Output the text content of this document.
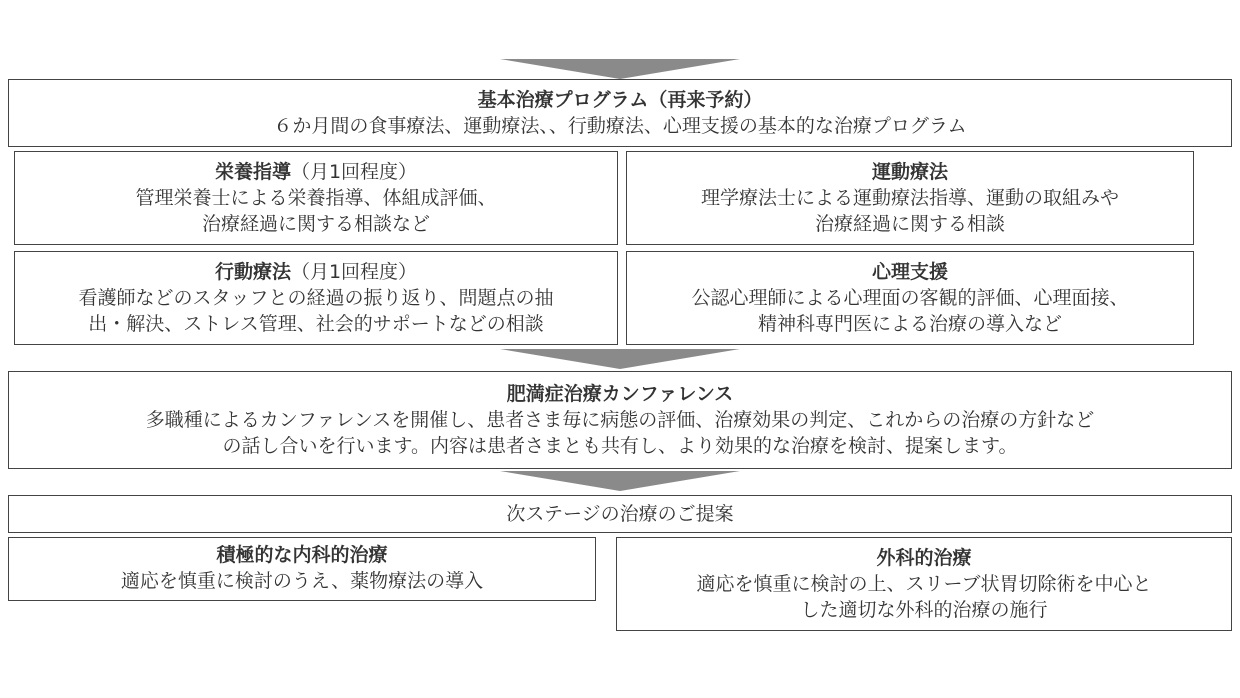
基本治療プログラム（再来予約）
６か月間の食事療法、運動療法、、行動療法、心理支援の基本的な治療プログラム
栄養指導（月1回程度）
管理栄養士による栄養指導、体組成評価、
治療経過に関する相談など
運動療法
理学療法士による運動療法指導、運動の取組みや
治療経過に関する相談
行動療法（月1回程度）
看護師などのスタッフとの経過の振り返り、問題点の抽
出・解決、ストレス管理、社会的サポートなどの相談
心理支援
公認心理師による心理面の客観的評価、心理面接、
精神科専門医による治療の導入など
肥満症治療カンファレンス
多職種によるカンファレンスを開催し、患者さま毎に病態の評価、治療効果の判定、これからの治療の方針など
の話し合いを行います。内容は患者さまとも共有し、より効果的な治療を検討、提案します。
次ステージの治療のご提案
積極的な内科的治療
適応を慎重に検討のうえ、薬物療法の導入
外科的治療
適応を慎重に検討の上、スリーブ状胃切除術を中心と
した適切な外科的治療の施行
